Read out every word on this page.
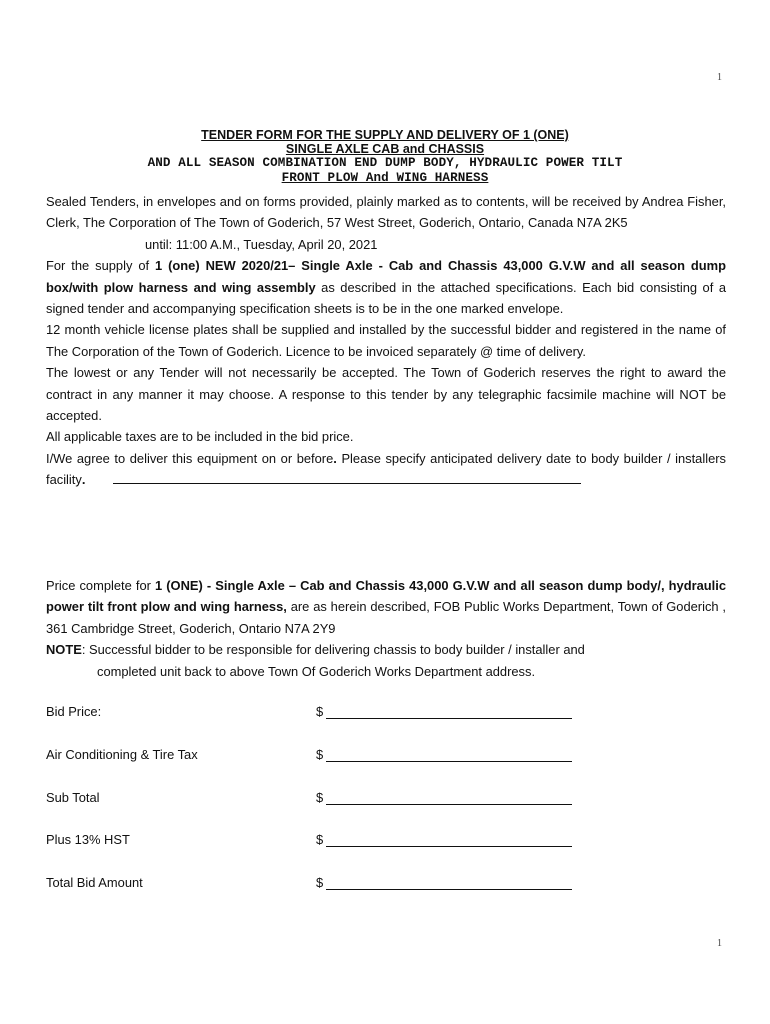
1
TENDER FORM FOR THE SUPPLY AND DELIVERY OF 1 (ONE)
SINGLE AXLE CAB and CHASSIS
AND ALL SEASON COMBINATION END DUMP BODY, HYDRAULIC POWER TILT
FRONT PLOW And WING HARNESS

Sealed Tenders, in envelopes and on forms provided, plainly marked as to contents, will be received by Andrea Fisher, Clerk, The Corporation of The Town of Goderich, 57 West Street, Goderich, Ontario, Canada N7A 2K5

until: 11:00 A.M., Tuesday, April 20, 2021

For the supply of 1 (one) NEW 2020/21– Single Axle - Cab and Chassis 43,000 G.V.W and all season dump box/with plow harness and wing assembly as described in the attached specifications. Each bid consisting of a signed tender and accompanying specification sheets is to be in the one marked envelope.

12 month vehicle license plates shall be supplied and installed by the successful bidder and registered in the name of The Corporation of the Town of Goderich. Licence to be invoiced separately @ time of delivery.

The lowest or any Tender will not necessarily be accepted. The Town of Goderich reserves the right to award the contract in any manner it may choose. A response to this tender by any telegraphic facsimile machine will NOT be accepted.

All applicable taxes are to be included in the bid price.

I/We agree to deliver this equipment on or before. Please specify anticipated delivery date to body builder / installers facility.

Price complete for 1 (ONE) - Single Axle – Cab and Chassis 43,000 G.V.W and all season dump body/, hydraulic power tilt front plow and wing harness, are as herein described, FOB Public Works Department, Town of Goderich , 361 Cambridge Street, Goderich, Ontario N7A 2Y9

NOTE: Successful bidder to be responsible for delivering chassis to body builder / installer and

completed unit back to above Town Of Goderich Works Department address.

Bid Price:	$
Air Conditioning & Tire Tax	$
Sub Total	$
Plus 13% HST	$
Total Bid Amount	$
1
